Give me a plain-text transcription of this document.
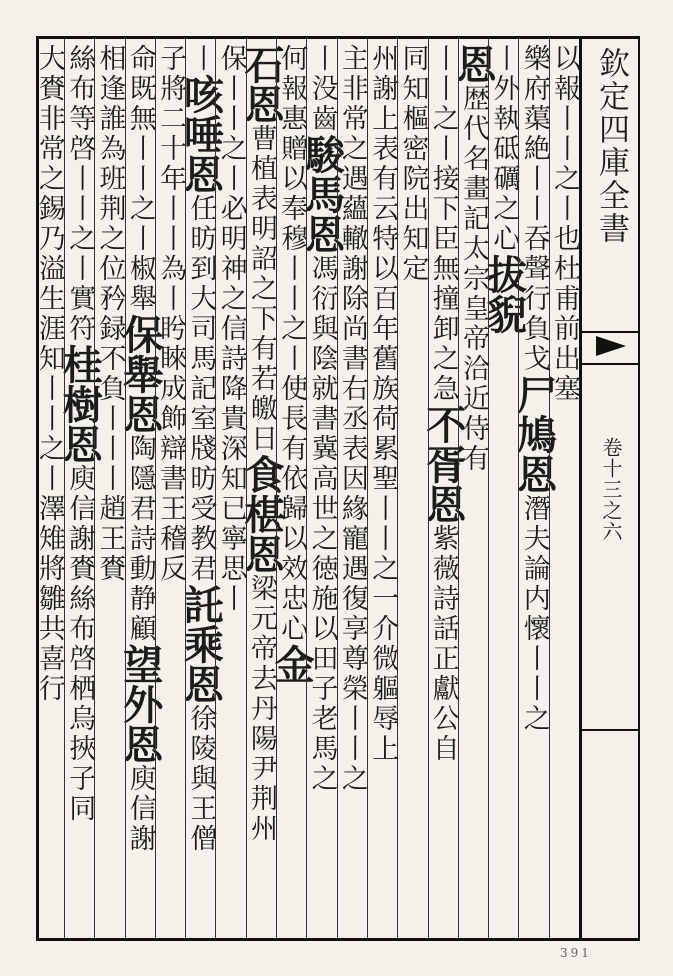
欽定四庫全書
卷十三之六
以報丨丨之丨也杜甫前出塞
樂府蕖絶丨丨吞聲行負戈尸鳩恩潛夫論内懷丨丨之
丨外執砥礪之心拔貎
恩歴代名畫記太宗皇帝洽近侍有
丨丨之丨接下臣無撞卸之急不胥恩紫薇詩話正獻公自
同知樞密院出知定
州謝上表有云特以百年舊族荷累聖丨丨之一介微軀辱上
主非常之遇蘊轍謝除尚書右丞表因緣寵遇復享尊榮丨丨之
丨没齒駿馬恩馮衍與陰就書冀高世之徳施以田子老馬之
何報惠贈以奉穆丨丨之丨使長有依歸以效忠心金
石恩曹植表明詔之下有若皦日食椹恩梁元帝去丹陽尹荆州
保丨丨之丨必明神之信詩降貴深知已寧思丨
丨咳唾恩任昉到大司馬記室牋昉受教君託乘恩徐陵與王僧
子將二十年丨丨為丨盻睞成飾辯書王稽反
命既無丨丨之丨椒舉保舉恩陶隱君詩動静顧望外恩庾信謝
相逢誰為班荆之位矜録不負丨丨丨趙王賚
絲布等啓丨丨之丨實符桂樹恩庾信謝賚絲布啓栖烏挾子同
大賚非常之錫乃溢生涯知丨丨之丨澤雉將雛共喜行
391
